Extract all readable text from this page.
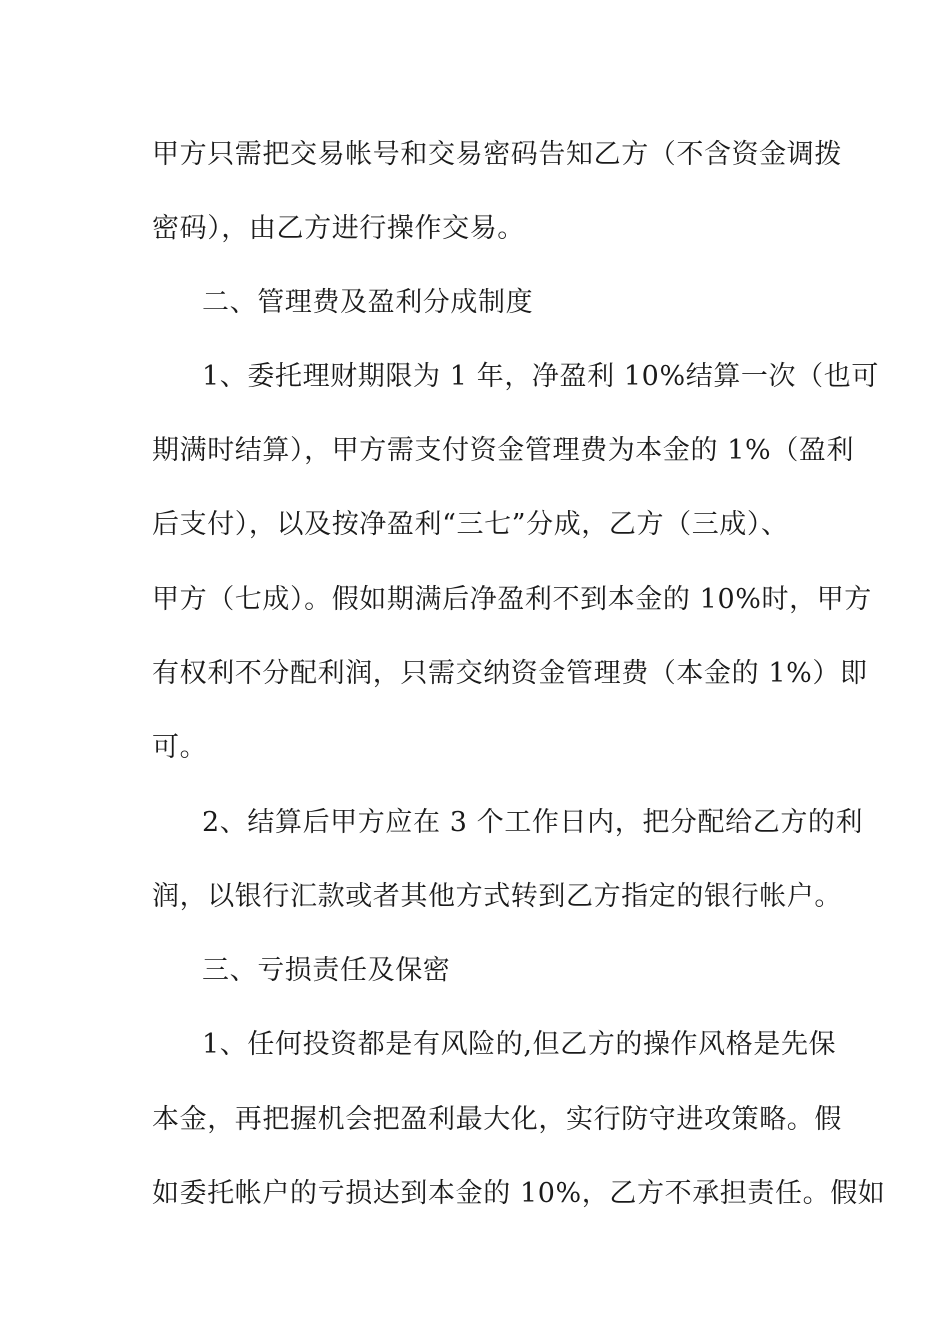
甲方只需把交易帐号和交易密码告知乙方（不含资金调拨
密码），由乙方进行操作交易。
二、管理费及盈利分成制度
1、委托理财期限为 1 年，净盈利 10%结算一次（也可
期满时结算），甲方需支付资金管理费为本金的 1%（盈利
后支付），以及按净盈利“三七”分成，乙方（三成）、
甲方（七成）。假如期满后净盈利不到本金的 10%时，甲方
有权利不分配利润，只需交纳资金管理费（本金的 1%）即
可。
2、结算后甲方应在 3 个工作日内，把分配给乙方的利
润，以银行汇款或者其他方式转到乙方指定的银行帐户。
三、亏损责任及保密
1、任何投资都是有风险的,但乙方的操作风格是先保
本金，再把握机会把盈利最大化，实行防守进攻策略。假
如委托帐户的亏损达到本金的 10%，乙方不承担责任。假如
